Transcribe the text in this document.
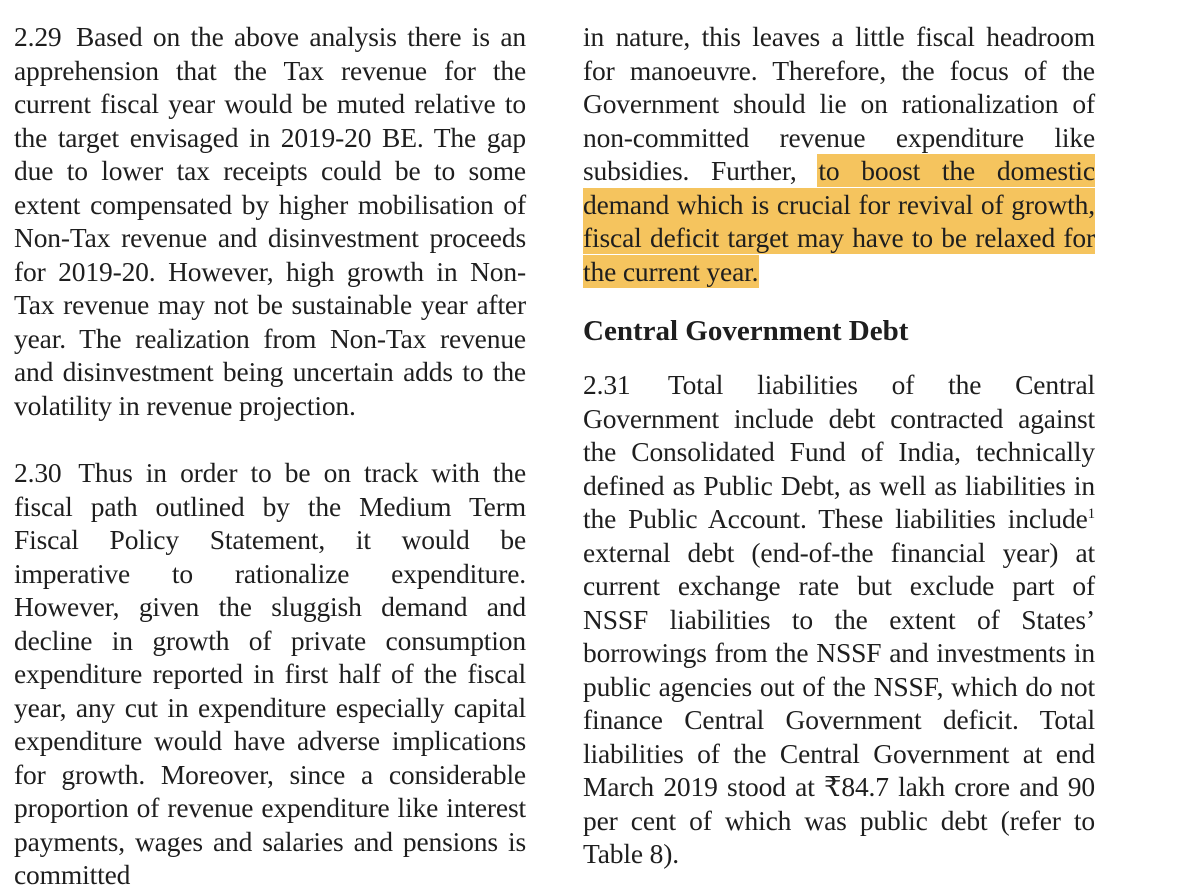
2.29 Based on the above analysis there is an apprehension that the Tax revenue for the current fiscal year would be muted relative to the target envisaged in 2019-20 BE. The gap due to lower tax receipts could be to some extent compensated by higher mobilisation of Non-Tax revenue and disinvestment proceeds for 2019-20. However, high growth in Non-Tax revenue may not be sustainable year after year. The realization from Non-Tax revenue and disinvestment being uncertain adds to the volatility in revenue projection.

2.30 Thus in order to be on track with the fiscal path outlined by the Medium Term Fiscal Policy Statement, it would be imperative to rationalize expenditure. However, given the sluggish demand and decline in growth of private consumption expenditure reported in first half of the fiscal year, any cut in expenditure especially capital expenditure would have adverse implications for growth. Moreover, since a considerable proportion of revenue expenditure like interest payments, wages and salaries and pensions is committed

in nature, this leaves a little fiscal headroom for manoeuvre. Therefore, the focus of the Government should lie on rationalization of non-committed revenue expenditure like subsidies. Further, to boost the domestic demand which is crucial for revival of growth, fiscal deficit target may have to be relaxed for the current year.

Central Government Debt

2.31 Total liabilities of the Central Government include debt contracted against the Consolidated Fund of India, technically defined as Public Debt, as well as liabilities in the Public Account. These liabilities include$^1$ external debt (end-of-the financial year) at current exchange rate but exclude part of NSSF liabilities to the extent of States’ borrowings from the NSSF and investments in public agencies out of the NSSF, which do not finance Central Government deficit. Total liabilities of the Central Government at end March 2019 stood at ₹84.7 lakh crore and 90 per cent of which was public debt (refer to Table 8).
